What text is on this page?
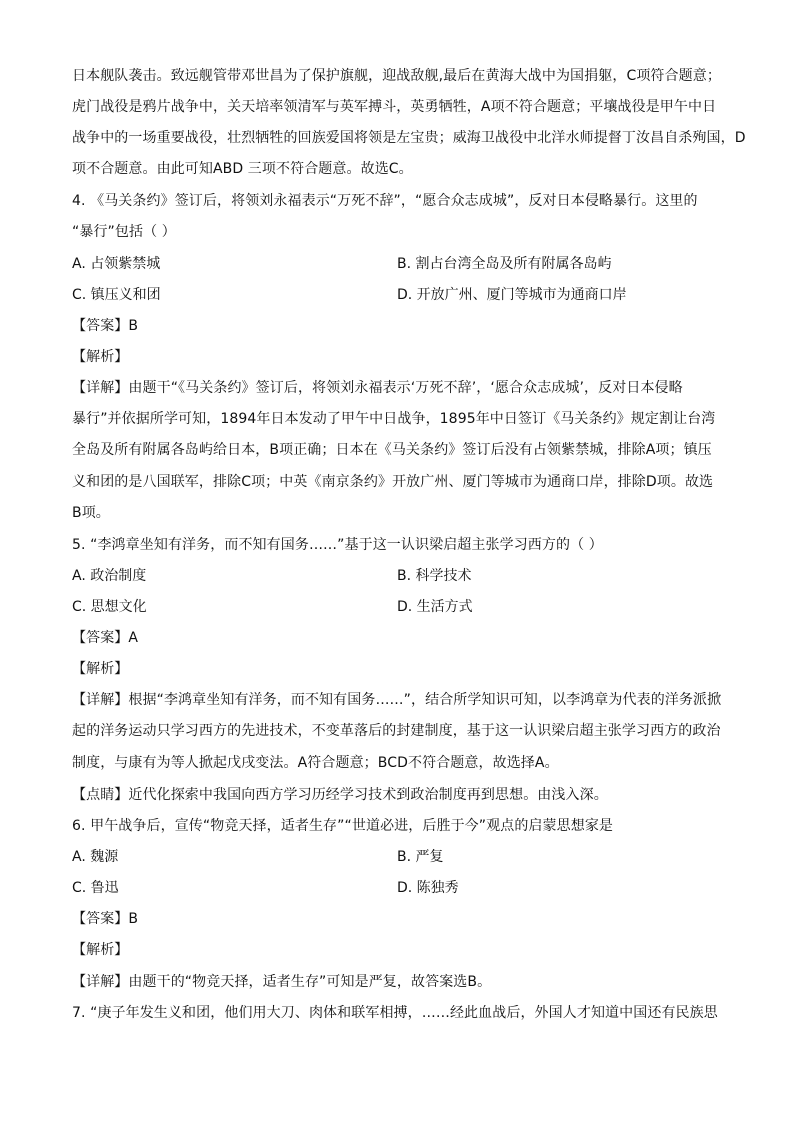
日本舰队袭击。致远舰管带邓世昌为了保护旗舰，迎战敌舰,最后在黄海大战中为国捐躯，C项符合题意；
虎门战役是鸦片战争中，关天培率领清军与英军搏斗，英勇牺牲，A项不符合题意；平壤战役是甲午中日
战争中的一场重要战役，壮烈牺牲的回族爱国将领是左宝贵；威海卫战役中北洋水师提督丁汝昌自杀殉国，D
项不合题意。由此可知ABD 三项不符合题意。故选C。
4. 《马关条约》签订后，将领刘永福表示“万死不辞”，“愿合众志成城”，反对日本侵略暴行。这里的
“暴行”包括（ ）
A. 占领紫禁城	B. 割占台湾全岛及所有附属各岛屿
C. 镇压义和团	D. 开放广州、厦门等城市为通商口岸
【答案】B
【解析】
【详解】由题干“《马关条约》签订后，将领刘永福表示‘万死不辞’，‘愿合众志成城’，反对日本侵略
暴行”并依据所学可知，1894年日本发动了甲午中日战争，1895年中日签订《马关条约》规定割让台湾
全岛及所有附属各岛屿给日本，B项正确；日本在《马关条约》签订后没有占领紫禁城，排除A项；镇压
义和团的是八国联军，排除C项；中英《南京条约》开放广州、厦门等城市为通商口岸，排除D项。故选
B项。
5. “李鸿章坐知有洋务，而不知有国务……”基于这一认识梁启超主张学习西方的（ ）
A. 政治制度	B. 科学技术
C. 思想文化	D. 生活方式
【答案】A
【解析】
【详解】根据“李鸿章坐知有洋务，而不知有国务……”，结合所学知识可知，以李鸿章为代表的洋务派掀
起的洋务运动只学习西方的先进技术，不变革落后的封建制度，基于这一认识梁启超主张学习西方的政治
制度，与康有为等人掀起戊戌变法。A符合题意；BCD不符合题意，故选择A。
【点睛】近代化探索中我国向西方学习历经学习技术到政治制度再到思想。由浅入深。
6. 甲午战争后，宣传“物竞天择，适者生存”“世道必进，后胜于今”观点的启蒙思想家是
A. 魏源	B. 严复
C. 鲁迅	D. 陈独秀
【答案】B
【解析】
【详解】由题干的“物竞天择，适者生存”可知是严复，故答案选B。
7. “庚子年发生义和团，他们用大刀、肉体和联军相搏，……经此血战后，外国人才知道中国还有民族思
